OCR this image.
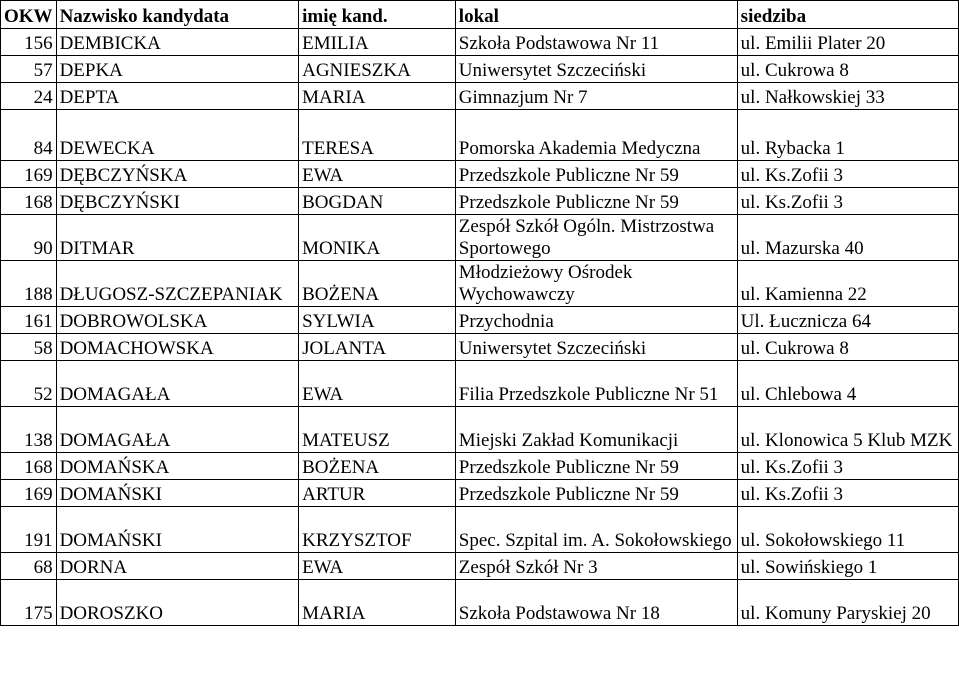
OKW	Nazwisko kandydata	imię kand.	lokal	siedziba
156	DEMBICKA	EMILIA	Szkoła Podstawowa Nr 11	ul. Emilii Plater 20
57	DEPKA	AGNIESZKA	Uniwersytet Szczeciński	ul. Cukrowa 8
24	DEPTA	MARIA	Gimnazjum Nr 7	ul. Nałkowskiej 33
84	DEWECKA	TERESA	Pomorska Akademia Medyczna	ul. Rybacka 1
169	DĘBCZYŃSKA	EWA	Przedszkole Publiczne Nr 59	ul. Ks.Zofii 3
168	DĘBCZYŃSKI	BOGDAN	Przedszkole Publiczne Nr 59	ul. Ks.Zofii 3
90	DITMAR	MONIKA	Zespół Szkół Ogóln. Mistrzostwa Sportowego	ul. Mazurska 40
188	DŁUGOSZ-SZCZEPANIAK	BOŻENA	Młodzieżowy Ośrodek Wychowawczy	ul. Kamienna 22
161	DOBROWOLSKA	SYLWIA	Przychodnia	Ul. Łucznicza 64
58	DOMACHOWSKA	JOLANTA	Uniwersytet Szczeciński	ul. Cukrowa 8
52	DOMAGAŁA	EWA	Filia Przedszkole Publiczne Nr 51	ul. Chlebowa 4
138	DOMAGAŁA	MATEUSZ	Miejski Zakład Komunikacji	ul. Klonowica 5 Klub MZK
168	DOMAŃSKA	BOŻENA	Przedszkole Publiczne Nr 59	ul. Ks.Zofii 3
169	DOMAŃSKI	ARTUR	Przedszkole Publiczne Nr 59	ul. Ks.Zofii 3
191	DOMAŃSKI	KRZYSZTOF	Spec. Szpital im. A. Sokołowskiego	ul. Sokołowskiego 11
68	DORNA	EWA	Zespół Szkół Nr 3	ul. Sowińskiego 1
175	DOROSZKO	MARIA	Szkoła Podstawowa Nr 18	ul. Komuny Paryskiej 20
